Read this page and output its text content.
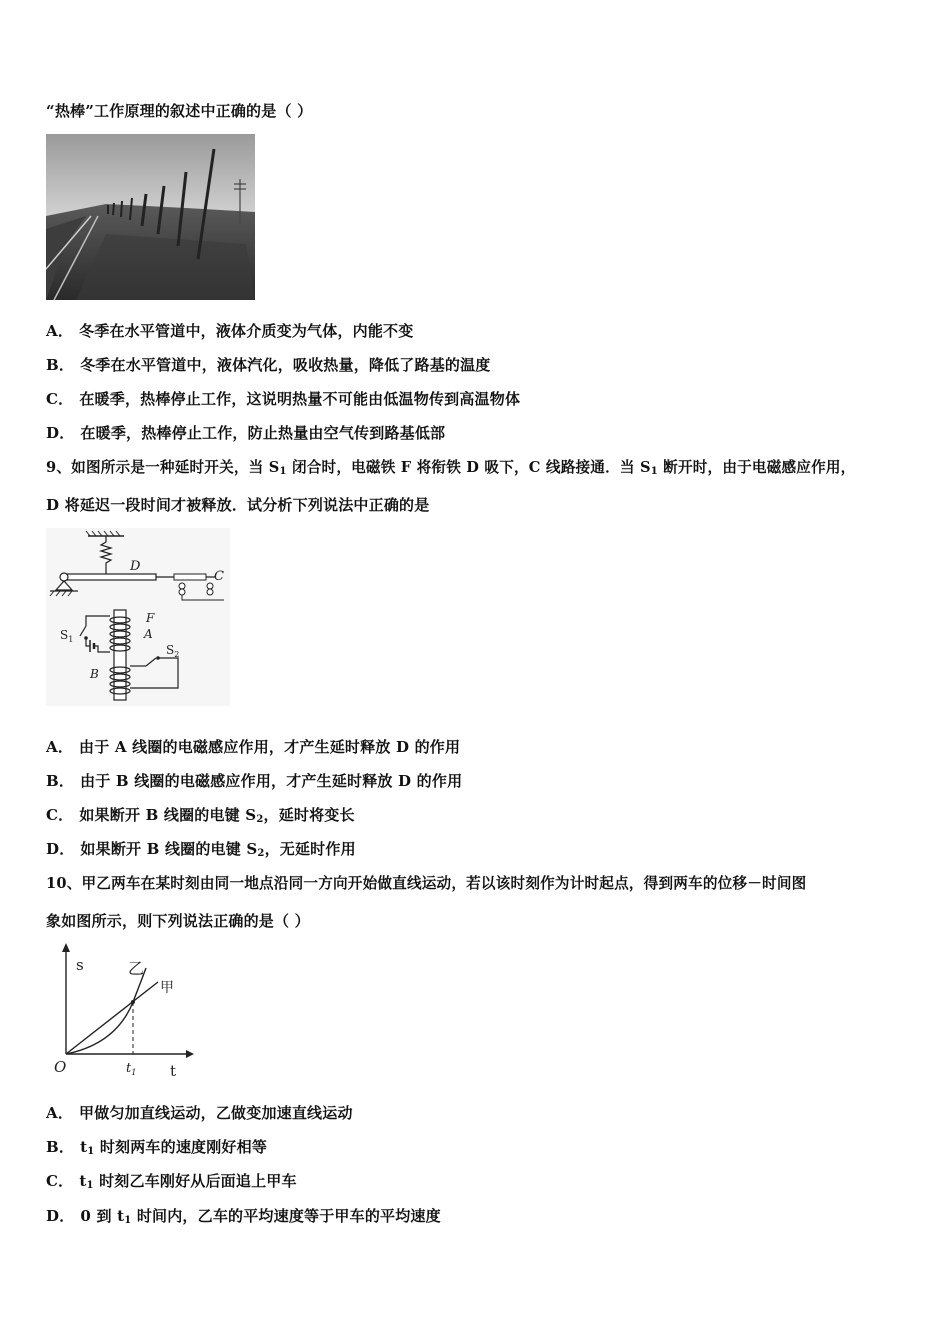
“热棒”工作原理的叙述中正确的是（ ）
A． 冬季在水平管道中，液体介质变为气体，内能不变
B． 冬季在水平管道中，液体汽化，吸收热量，降低了路基的温度
C． 在暖季，热棒停止工作，这说明热量不可能由低温物传到高温物体
D． 在暖季，热棒停止工作，防止热量由空气传到路基低部
9、如图所示是一种延时开关，当 $S_1$ 闭合时，电磁铁 F 将衔铁 D 吸下，C 线路接通．当 $S_1$ 断开时，由于电磁感应作用，
D 将延迟一段时间才被释放．试分析下列说法中正确的是
D
C
F
A
B
$S_1$
$S_2$
A． 由于 A 线圈的电磁感应作用，才产生延时释放 D 的作用
B． 由于 B 线圈的电磁感应作用，才产生延时释放 D 的作用
C． 如果断开 B 线圈的电键 $S_2$，延时将变长
D． 如果断开 B 线圈的电键 $S_2$，无延时作用
10、甲乙两车在某时刻由同一地点沿同一方向开始做直线运动，若以该时刻作为计时起点，得到两车的位移－时间图
象如图所示，则下列说法正确的是（ ）
s
t
O
甲
乙
$t_1$
A． 甲做匀加直线运动，乙做变加速直线运动
B． $t_1$ 时刻两车的速度刚好相等
C． $t_1$ 时刻乙车刚好从后面追上甲车
D． 0 到 $t_1$ 时间内，乙车的平均速度等于甲车的平均速度
